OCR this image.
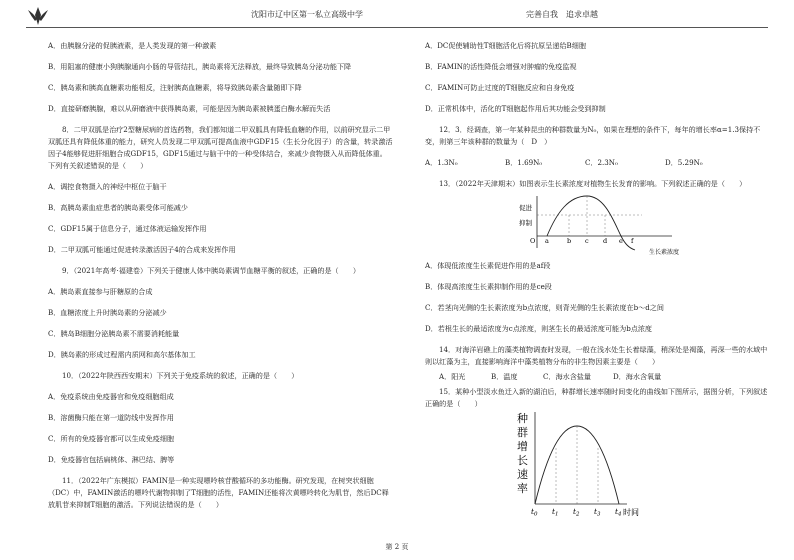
沈阳市辽中区第一私立高级中学	完善自我　追求卓越

A．由胰腺分泌的促胰液素，是人类发现的第一种激素

B．用阻塞的健康小狗胰腺通向小肠的导管结扎，胰岛素将无法释放，最终导致胰岛分泌功能下降

C．胰岛素和胰高血糖素功能相反，注射胰高血糖素，将导致胰岛素含量随即下降

D．直接研磨胰腺，难以从研磨液中获得胰岛素，可能是因为胰岛素被胰蛋白酶水解而失活

8．二甲双胍是治疗2型糖尿病的首选药物，我们都知道二甲双胍具有降低血糖的作用，以前研究显示二甲双胍还具有降低体重的能力，研究人员发现二甲双胍可提高血液中GDF15（生长分化因子）的含量，转录激活因子4能够促进肝细胞合成GDF15，GDF15通过与脑干中的一种受体结合，来减少食物摄入从而降低体重。下列有关叙述错误的是（　　）

A．调控食物摄入的神经中枢位于脑干

B．高胰岛素血症患者的胰岛素受体可能减少

C．GDF15属于信息分子，通过体液运输发挥作用

D．二甲双胍可能通过促进转录激活因子4的合成来发挥作用

9．（2021年高考·福建卷）下列关于健康人体中胰岛素调节血糖平衡的叙述，正确的是（　　）

A．胰岛素直接参与肝糖原的合成

B．血糖浓度上升时胰岛素的分泌减少

C．胰岛B细胞分泌胰岛素不需要消耗能量

D．胰岛素的形成过程需内质网和高尔基体加工

10．（2022年陕西西安期末）下列关于免疫系统的叙述，正确的是（　　）

A．免疫系统由免疫器官和免疫细胞组成

B．溶菌酶只能在第一道防线中发挥作用

C．所有的免疫器官都可以生成免疫细胞

D．免疫器官包括扁桃体、淋巴结、脾等

11．（2022年广东模拟）FAMIN是一种实现嘌呤核苷酸循环的多功能酶。研究发现，在树突状细胞（DC）中，FAMIN激活的嘌呤代谢物抑制了T细胞的活性，FAMIN还能将次黄嘌呤转化为肌苷，然后DC释放肌苷来抑制T细胞的激活。下列说法错误的是（　　）

A．DC促使辅助性T细胞活化后将抗原呈递给B细胞

B．FAMIN的活性降低会增强对肿瘤的免疫监视

C．FAMIN可防止过度的T细胞反应和自身免疫

D．正常机体中，活化的T细胞起作用后其功能会受到抑制

12．3．经调查，第一年某种昆虫的种群数量为N₀，如果在理想的条件下，每年的增长率α=1.3保持不变，则第三年该种群的数量为（　D　）

A．1.3N₀	B．1.69N₀	C．2.3N₀	D．5.29N₀

13．（2022年天津期末）如图表示生长素浓度对植物生长发育的影响。下列叙述正确的是（　　）

促进
抑制
O a	b c d e f
生长素浓度

A．体现低浓度生长素促进作用的是af段

B．体现高浓度生长素抑制作用的是ce段

C．若茎向光侧的生长素浓度为b点浓度，则背光侧的生长素浓度在b～d之间

D．若根生长的最适浓度为c点浓度，则茎生长的最适浓度可能为b点浓度

14．对海洋岩礁上的藻类植物调查时发现，一般在浅水处生长着绿藻，稍深处是褐藻，再深一些的水域中则以红藻为主，直接影响海洋中藻类植物分布的非生物因素主要是（　　）

A．阳光	B．温度	C．海水含盐量	D．海水含氧量

15．某种小型淡水鱼迁入新的湖泊后，种群增长速率随时间变化的曲线如下图所示，据图分析，下列叙述正确的是（　　）

种
群
增
长
速
率
$t_0$ $t_1$ $t_2$ $t_3$ $t_4$ 时间
第 2 页
